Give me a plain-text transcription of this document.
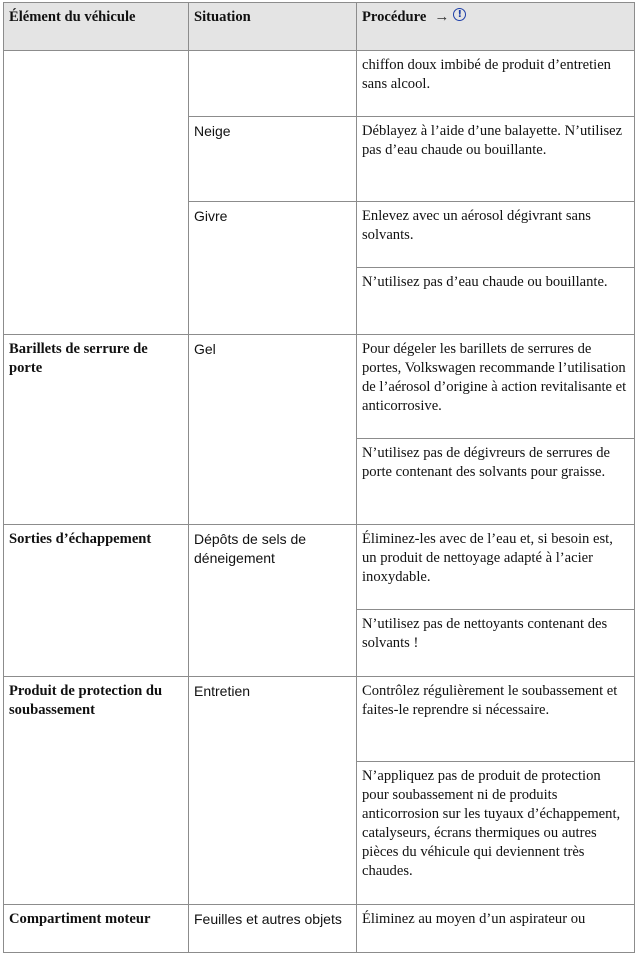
Élément du véhicule	Situation	Procédure → !

		chiffon doux imbibé de produit d’entretien sans alcool.
	Neige	Déblayez à l’aide d’une balayette. N’utilisez pas d’eau chaude ou bouillante.
	Givre	Enlevez avec un aérosol dégivrant sans solvants.
		N’utilisez pas d’eau chaude ou bouillante.
Barillets de serrure de porte	Gel	Pour dégeler les barillets de serrures de portes, Volkswagen recommande l’utilisation de l’aérosol d’origine à action revitalisante et anticorrosive.
		N’utilisez pas de dégivreurs de serrures de porte contenant des solvants pour graisse.
Sorties d’échappement	Dépôts de sels de déneigement	Éliminez-les avec de l’eau et, si besoin est, un produit de nettoyage adapté à l’acier inoxydable.
		N’utilisez pas de nettoyants contenant des solvants !
Produit de protection du soubassement	Entretien	Contrôlez régulièrement le soubassement et faites-le reprendre si nécessaire.
		N’appliquez pas de produit de protection pour soubassement ni de produits anticorrosion sur les tuyaux d’échappement, catalyseurs, écrans thermiques ou autres pièces du véhicule qui deviennent très chaudes.
Compartiment moteur	Feuilles et autres objets	Éliminez au moyen d’un aspirateur ou
